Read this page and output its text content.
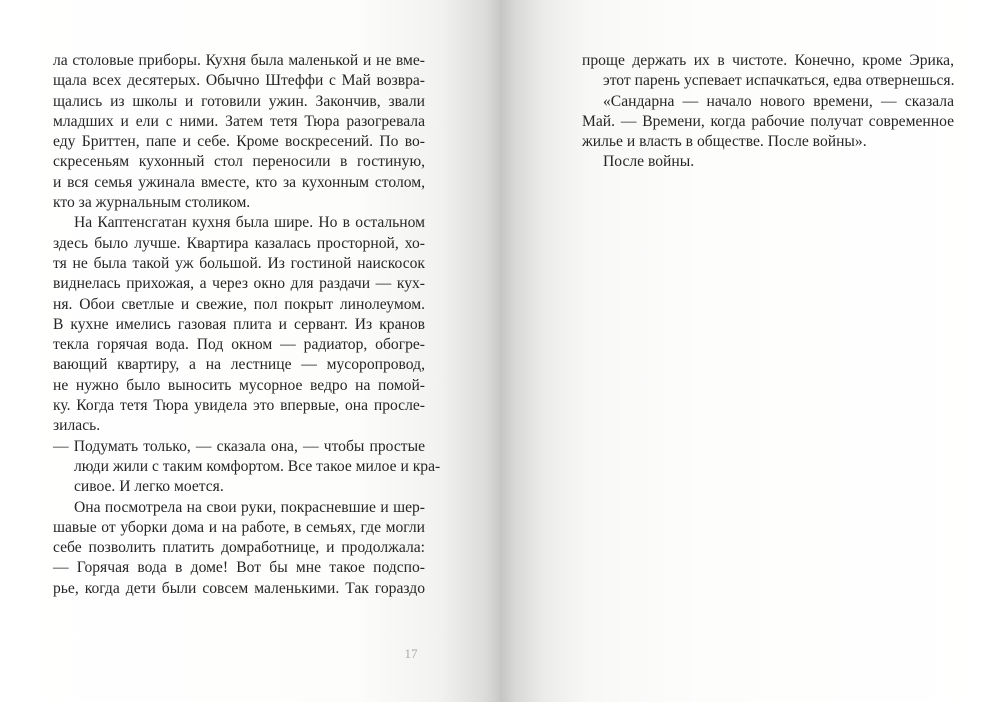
ла столовые приборы. Кухня была маленькой и не вме-
щала всех десятерых. Обычно Штеффи с Май возвра-
щались из школы и готовили ужин. Закончив, звали
младших и ели с ними. Затем тетя Тюра разогревала
еду Бриттен, папе и себе. Кроме воскресений. По во-
скресеньям кухонный стол переносили в гостиную,
и вся семья ужинала вместе, кто за кухонным столом,
кто за журнальным столиком.
На Каптенсгатан кухня была шире. Но в остальном
здесь было лучше. Квартира казалась просторной, хо-
тя не была такой уж большой. Из гостиной наискосок
виднелась прихожая, а через окно для раздачи — кух-
ня. Обои светлые и свежие, пол покрыт линолеумом.
В кухне имелись газовая плита и сервант. Из кранов
текла горячая вода. Под окном — радиатор, обогре-
вающий квартиру, а на лестнице — мусоропровод,
не нужно было выносить мусорное ведро на помой-
ку. Когда тетя Тюра увидела это впервые, она просле-
зилась.
— Подумать только, — сказала она, — чтобы простые
люди жили с таким комфортом. Все такое милое и кра-
сивое. И легко моется.
Она посмотрела на свои руки, покрасневшие и шер-
шавые от уборки дома и на работе, в семьях, где могли
себе позволить платить домработнице, и продолжала:
— Горячая вода в доме! Вот бы мне такое подспо-
рье, когда дети были совсем маленькими. Так гораздо
проще держать их в чистоте. Конечно, кроме Эрика,
этот парень успевает испачкаться, едва отвернешься.
«Сандарна — начало нового времени, — сказала
Май. — Времени, когда рабочие получат современное
жилье и власть в обществе. После войны».
После войны.
17
